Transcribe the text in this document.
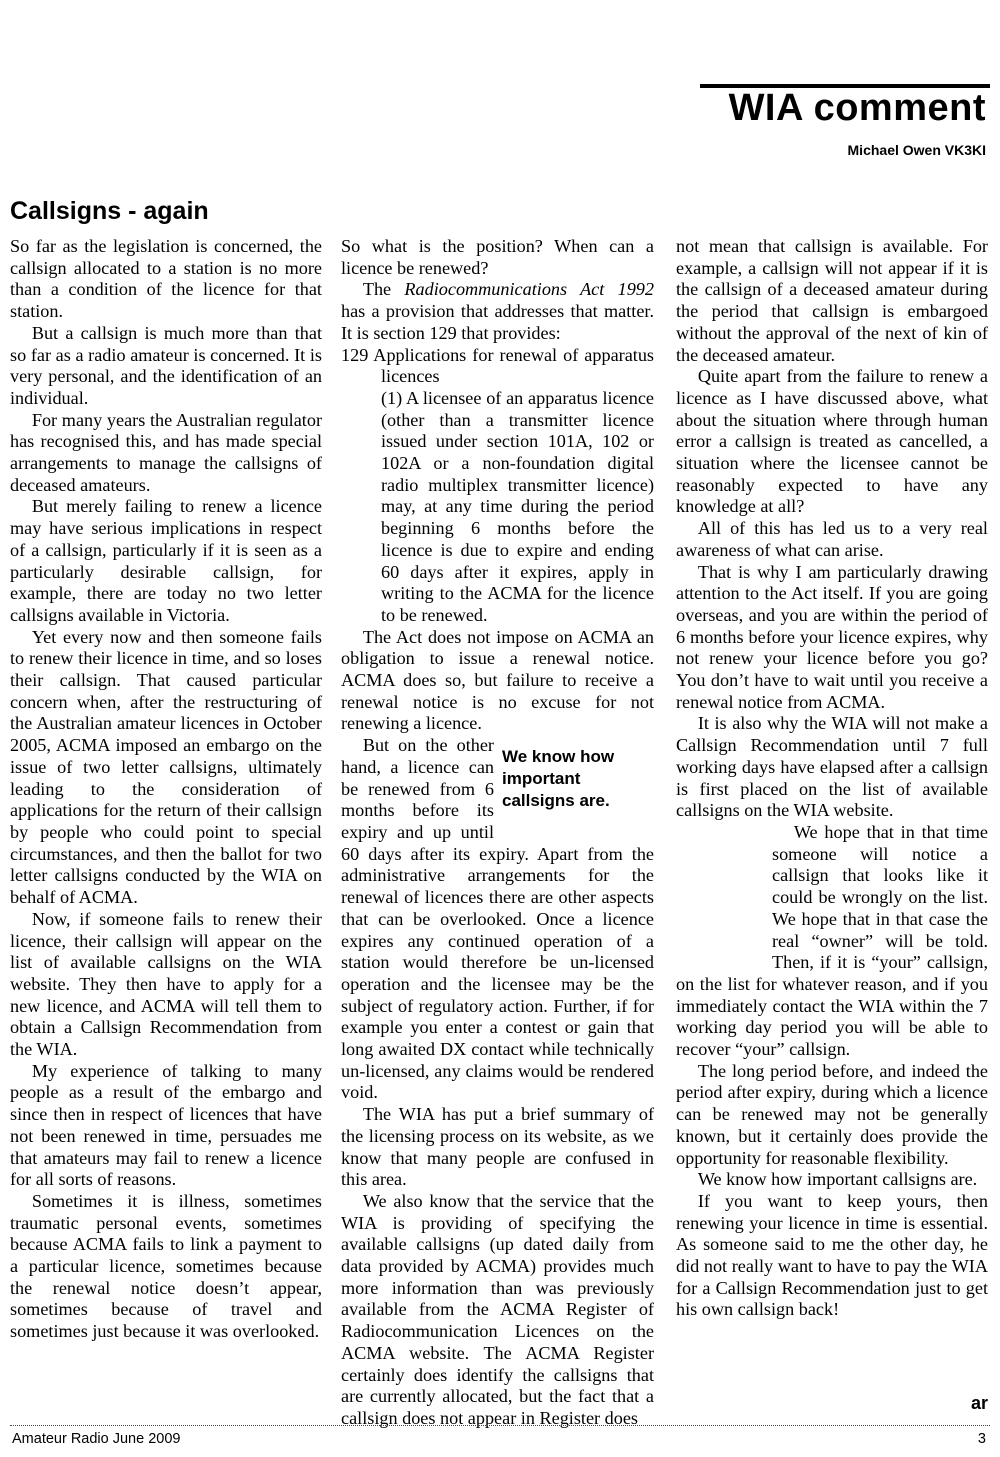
WIA comment

Michael Owen VK3KI

Callsigns - again

So far as the legislation is concerned, the callsign allocated to a station is no more than a condition of the licence for that station.

But a callsign is much more than that so far as a radio amateur is concerned. It is very personal, and the identification of an individual.

For many years the Australian regulator has recognised this, and has made special arrangements to manage the callsigns of deceased amateurs.

But merely failing to renew a licence may have serious implications in respect of a callsign, particularly if it is seen as a particularly desirable callsign, for example, there are today no two letter callsigns available in Victoria.

Yet every now and then someone fails to renew their licence in time, and so loses their callsign. That caused particular concern when, after the restructuring of the Australian amateur licences in October 2005, ACMA imposed an embargo on the issue of two letter callsigns, ultimately leading to the consideration of applications for the return of their callsign by people who could point to special circumstances, and then the ballot for two letter callsigns conducted by the WIA on behalf of ACMA.

Now, if someone fails to renew their licence, their callsign will appear on the list of available callsigns on the WIA website. They then have to apply for a new licence, and ACMA will tell them to obtain a Callsign Recommendation from the WIA.

My experience of talking to many people as a result of the embargo and since then in respect of licences that have not been renewed in time, persuades me that amateurs may fail to renew a licence for all sorts of reasons.

Sometimes it is illness, sometimes traumatic personal events, sometimes because ACMA fails to link a payment to a particular licence, sometimes because the renewal notice doesn’t appear, sometimes because of travel and sometimes just because it was overlooked.

So what is the position? When can a licence be renewed?

The Radiocommunications Act 1992 has a provision that addresses that matter. It is section 129 that provides:

129 Applications for renewal of apparatus licences

(1) A licensee of an apparatus licence (other than a transmitter licence issued under section 101A, 102 or 102A or a non-foundation digital radio multiplex transmitter licence) may, at any time during the period beginning 6 months before the licence is due to expire and ending 60 days after it expires, apply in writing to the ACMA for the licence to be renewed.

The Act does not impose on ACMA an obligation to issue a renewal notice. ACMA does so, but failure to receive a renewal notice is no excuse for not renewing a licence.

We know how important callsigns are.
But on the other hand, a licence can be renewed from 6 months before its expiry and up until 60 days after its expiry. Apart from the administrative arrangements for the renewal of licences there are other aspects that can be overlooked. Once a licence expires any continued operation of a station would therefore be un-licensed operation and the licensee may be the subject of regulatory action. Further, if for example you enter a contest or gain that long awaited DX contact while technically un-licensed, any claims would be rendered void.

The WIA has put a brief summary of the licensing process on its website, as we know that many people are confused in this area.

We also know that the service that the WIA is providing of specifying the available callsigns (up dated daily from data provided by ACMA) provides much more information than was previously available from the ACMA Register of Radiocommunication Licences on the ACMA website. The ACMA Register certainly does identify the callsigns that are currently allocated, but the fact that a callsign does not appear in Register does

not mean that callsign is available. For example, a callsign will not appear if it is the callsign of a deceased amateur during the period that callsign is embargoed without the approval of the next of kin of the deceased amateur.

Quite apart from the failure to renew a licence as I have discussed above, what about the situation where through human error a callsign is treated as cancelled, a situation where the licensee cannot be reasonably expected to have any knowledge at all?

All of this has led us to a very real awareness of what can arise.

That is why I am particularly drawing attention to the Act itself. If you are going overseas, and you are within the period of 6 months before your licence expires, why not renew your licence before you go? You don’t have to wait until you receive a renewal notice from ACMA.

It is also why the WIA will not make a Callsign Recommendation until 7 full working days have elapsed after a callsign is first placed on the list of available callsigns on the WIA website.

We hope that in that time someone will notice a callsign that looks like it could be wrongly on the list. We hope that in that case the real “owner” will be told. Then, if it is “your” callsign, on the list for whatever reason, and if you immediately contact the WIA within the 7 working day period you will be able to recover “your” callsign.

The long period before, and indeed the period after expiry, during which a licence can be renewed may not be generally known, but it certainly does provide the opportunity for reasonable flexibility.

We know how important callsigns are.

If you want to keep yours, then renewing your licence in time is essential. As someone said to me the other day, he did not really want to have to pay the WIA for a Callsign Recommendation just to get his own callsign back!

ar

Amateur Radio June 2009	3
